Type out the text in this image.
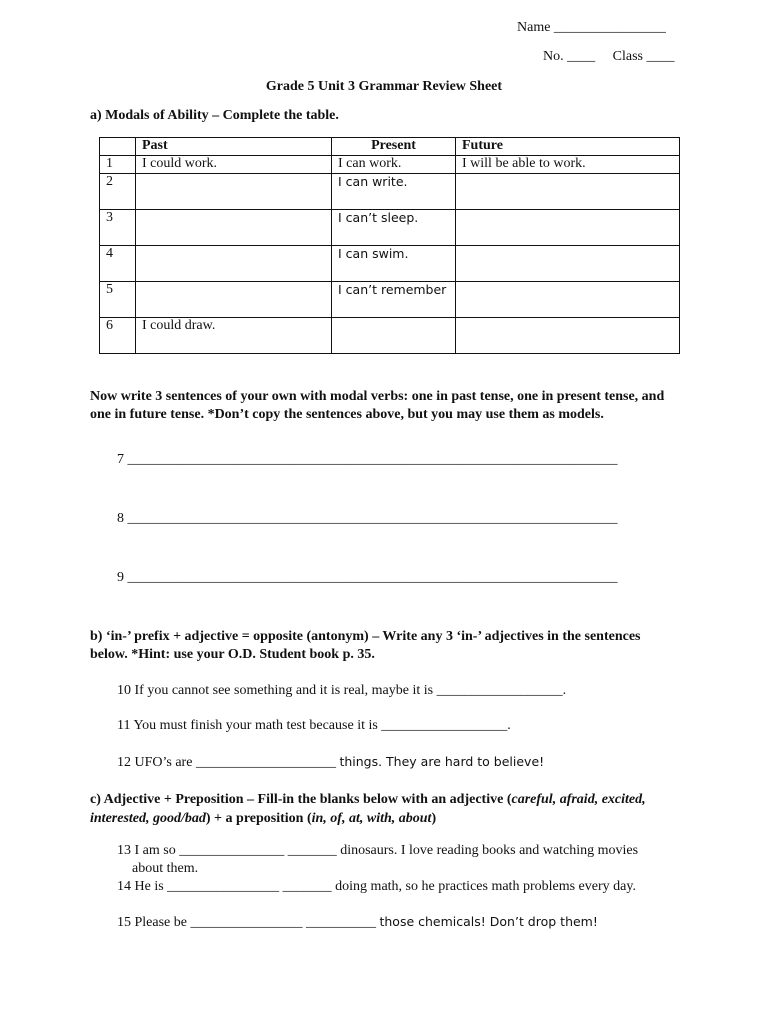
Name ________________
No. ____ Class ____
Grade 5 Unit 3 Grammar Review Sheet
a) Modals of Ability – Complete the table.
	Past	Present	Future
1	I could work.	I can work.	I will be able to work.
2		I can write.	
3		I can’t sleep.	
4		I can swim.	
5		I can’t remember	
6	I could draw.		
Now write 3 sentences of your own with modal verbs: one in past tense, one in present tense, and one in future tense. *Don’t copy the sentences above, but you may use them as models.
7 ______________________________________________________________________
8 ______________________________________________________________________
9 ______________________________________________________________________
b) ‘in-’ prefix + adjective = opposite (antonym) – Write any 3 ‘in-’ adjectives in the sentences below. *Hint: use your O.D. Student book p. 35.
10 If you cannot see something and it is real, maybe it is __________________.
11 You must finish your math test because it is __________________.
12 UFO’s are ____________________ things. They are hard to believe!
c) Adjective + Preposition – Fill-in the blanks below with an adjective (careful, afraid, excited, interested, good/bad) + a preposition (in, of, at, with, about)
13 I am so _______________ _______ dinosaurs. I love reading books and watching movies
about them.
14 He is ________________ _______ doing math, so he practices math problems every day.
15 Please be ________________ __________ those chemicals! Don’t drop them!
